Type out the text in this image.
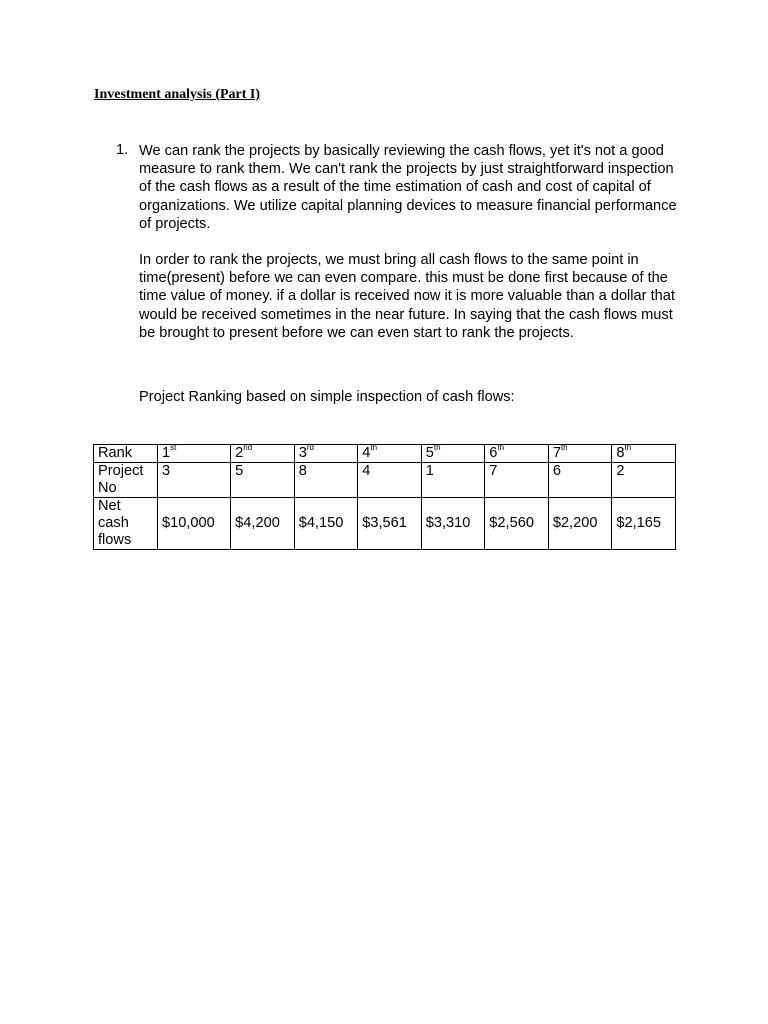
Investment analysis (Part I)
1. We can rank the projects by basically reviewing the cash flows, yet it's not a good measure to rank them. We can't rank the projects by just straightforward inspection of the cash flows as a result of the time estimation of cash and cost of capital of organizations. We utilize capital planning devices to measure financial performance of projects.

In order to rank the projects, we must bring all cash flows to the same point in time(present) before we can even compare. this must be done first because of the time value of money. if a dollar is received now it is more valuable than a dollar that would be received sometimes in the near future. In saying that the cash flows must be brought to present before we can even start to rank the projects.

Project Ranking based on simple inspection of cash flows:

Rank	1st	2nd	3rd	4th	5th	6th	7th	8th
Project No	3	5	8	4	1	7	6	2
Net cash flows	$10,000	$4,200	$4,150	$3,561	$3,310	$2,560	$2,200	$2,165
